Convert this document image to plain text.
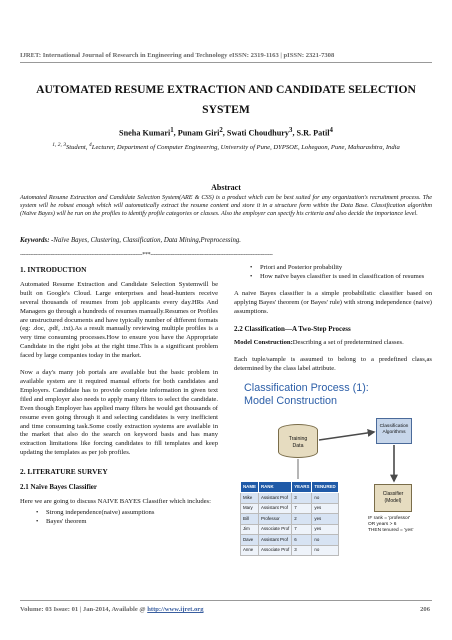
IJRET: International Journal of Research in Engineering and Technology eISSN: 2319-1163 | pISSN: 2321-7308
AUTOMATED RESUME EXTRACTION AND CANDIDATE SELECTION
SYSTEM
Sneha Kumari$^1$, Punam Giri$^2$, Swati Choudhury$^3$, S.R. Patil$^4$
$^{1, 2, 3}$Student, $^4$Lecturer, Department of Computer Engineering, University of Pune, DYPSOE, Lohegaon, Pune, Maharashtra, India
Abstract
Automated Resume Extraction and Candidate Selection System(ARE & CSS) is a product which can be best suited for any organization's recruitment process. The system will be robust enough which will automatically extract the resume content and store it in a structure form within the Data Base. Classification algorithm (Naïve Bayes) will be run on the profiles to identify profile categories or classes. Also the employer can specify his criteria and also decide the importance level.
Keywords: -Naïve Bayes, Clustering, Classification, Data Mining,Preprocessing.
------------------------------------------------------------------------***------------------------------------------------------------------------
1. INTRODUCTION

Automated Resume Extraction and Candidate Selection Systemwill be built on Google's Cloud. Large enterprises and head-hunters receive several thousands of resumes from job applicants every day.HRs And Managers go through a hundreds of resumes manually.Resumes or Profiles are unstructured documents and have typically number of different formats (eg: .doc, .pdf, .txt).As a result manually reviewing multiple profiles is a very time consuming processes.How to ensure you have the Appropriate Candidate in the right jobs at the right time.This is a significant problem faced by large companies today in the market.

Now a day's many job portals are available but the basic problem in available system are it required manual efforts for both candidates and Employers. Candidate has to provide complete information in given text filed and employer also needs to apply many filters to select the candidate. Even though Employer has applied many filters he would get thousands of resume even going through it and selecting candidates is very inefficient and time consuming task.Some costly extraction systems are available in the market that also do the search on keyword basis and has many extraction limitations like forcing candidates to fill templates and keep updating the templates as per job profiles.

2. LITERATURE SURVEY
2.1 Naïve Bayes Classifier

Here we are going to discuss NAIVE BAYES Classifier which includes:

• Strong independence(naive) assumptions
• Bayes' theorem
• Priori and Posterior probability
• How naïve bayes classifier is used in classification of resumes

A naive Bayes classifier is a simple probabilistic classifier based on applying Bayes' theorem (or Bayes' rule) with strong independence (naive) assumptions.

2.2 Classification—A Two-Step Process

Model Construction:Describing a set of predetermined classes.

Each tuple/sample is assumed to belong to a predefined class,as determined by the class label attribute.

Classification Process (1):
Model Construction
Training
Data
Classification
Algorithms
Classifier
(Model)
IF rank = 'professor'
OR years > 6
THEN tenured = 'yes'
NAME	RANK	YEARS	TENURED
Mike	Assistant Prof	3	no
Mary	Assistant Prof	7	yes
Bill	Professor	2	yes
Jim	Associate Prof	7	yes
Dave	Assistant Prof	6	no
Anne	Associate Prof	3	no
Volume: 03 Issue: 01 | Jan-2014, Available @ http://www.ijret.org	206
